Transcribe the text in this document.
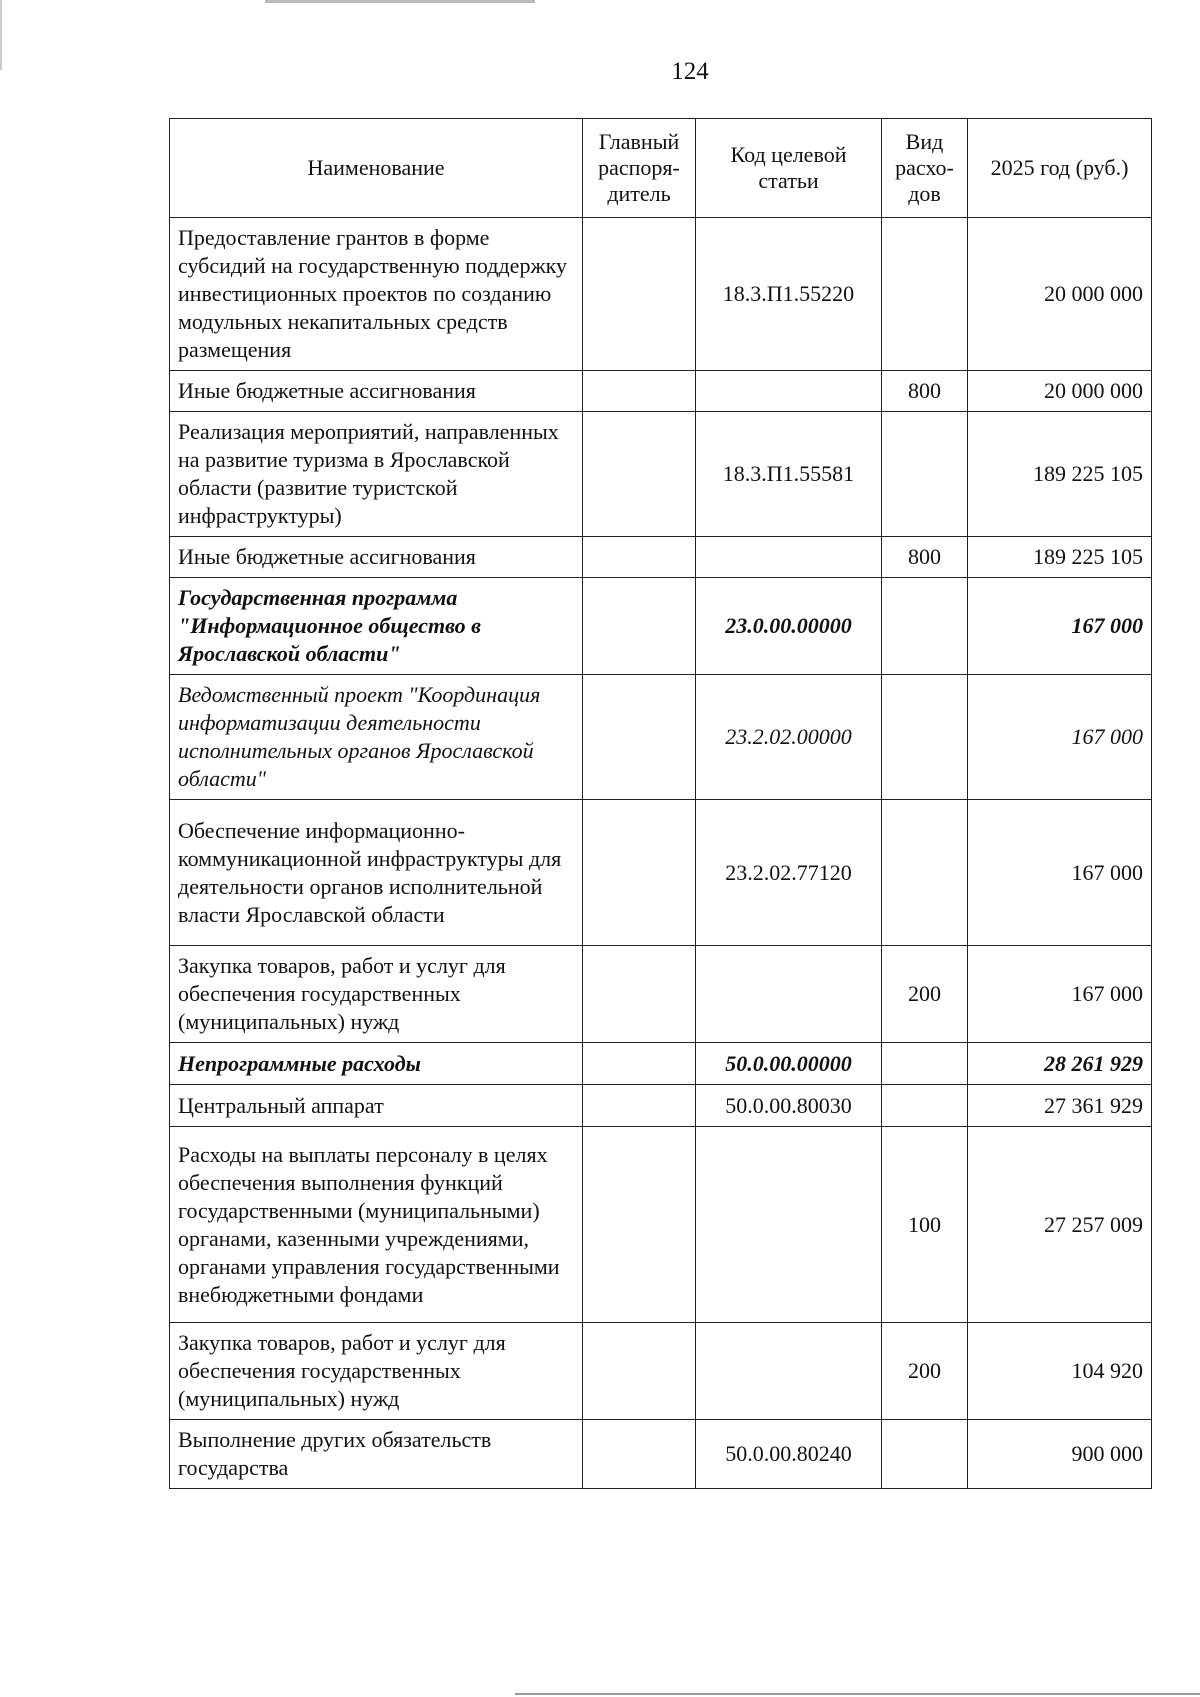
124
Наименование	Главный распоря-дитель	Код целевой статьи	Вид расхо-дов	2025 год (руб.)
Предоставление грантов в форме субсидий на государственную поддержку инвестиционных проектов по созданию модульных некапитальных средств размещения		18.3.П1.55220		20 000 000
Иные бюджетные ассигнования			800	20 000 000
Реализация мероприятий, направленных на развитие туризма в Ярославской области (развитие туристской инфраструктуры)		18.3.П1.55581		189 225 105
Иные бюджетные ассигнования			800	189 225 105
Государственная программа "Информационное общество в Ярославской области"		23.0.00.00000		167 000
Ведомственный проект "Координация информатизации деятельности исполнительных органов Ярославской области"		23.2.02.00000		167 000
Обеспечение информационно-коммуникационной инфраструктуры для деятельности органов исполнительной власти Ярославской области		23.2.02.77120		167 000
Закупка товаров, работ и услуг для обеспечения государственных (муниципальных) нужд			200	167 000
Непрограммные расходы		50.0.00.00000		28 261 929
Центральный аппарат		50.0.00.80030		27 361 929
Расходы на выплаты персоналу в целях обеспечения выполнения функций государственными (муниципальными) органами, казенными учреждениями, органами управления государственными внебюджетными фондами			100	27 257 009
Закупка товаров, работ и услуг для обеспечения государственных (муниципальных) нужд			200	104 920
Выполнение других обязательств государства		50.0.00.80240		900 000
